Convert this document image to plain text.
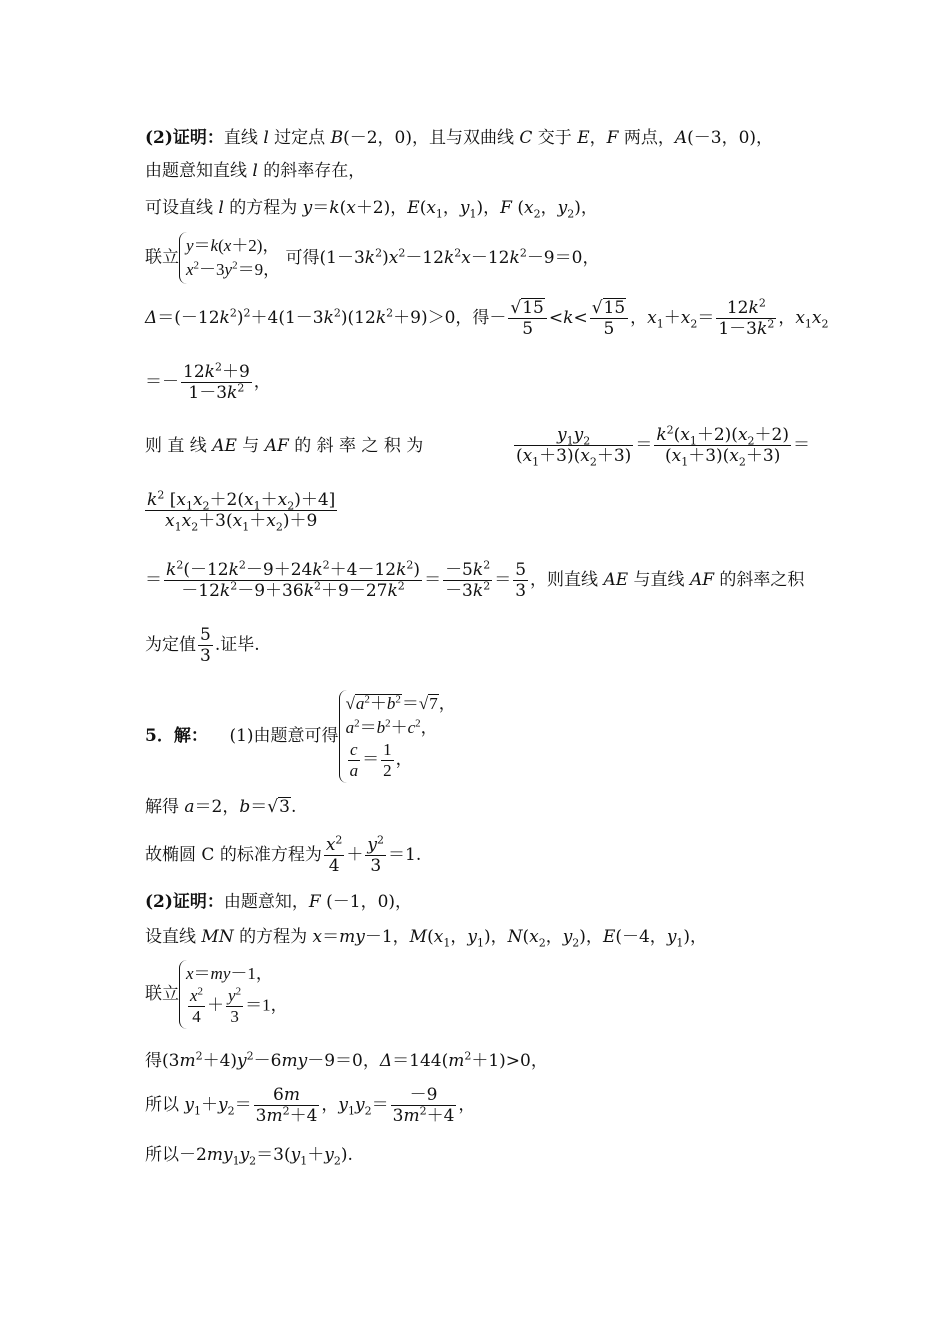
(2)证明：直线 l 过定点 B(－2，0)，且与双曲线 C 交于 E，F 两点，A(－3，0)，
由题意知直线 l 的斜率存在，
可设直线 l 的方程为 y＝k(x＋2)，$E(x_1$，$y_1$)，F ($x_2$，$y_2$)，
联立
y＝k(x＋2)，
$x^2-3y^2=9$，
可得$(1-3k^2)x^2-12k^2x-12k^2-9=0$，
$\Delta=(-12k^2)^2+4(1-3k^2)(12k^2+9)>0$，得－ $\frac{√15}{5} <k< \frac{√15}{5}$ ，$x_1+x_2= \frac{12k^2}{1-3k^2}$ ，$x_1x_2$
＝－ $\frac{12k^2+9}{1-3k^2}$ ，
则 直 线 AE 与 AF 的 斜 率 之 积 为	$\frac{y_1y_2}{(x_1+3)(x_2+3)} = \frac{k^2(x_1+2)(x_2+2)}{(x_1+3)(x_2+3)}$ ＝
$\frac{k^2 [x_1x_2+2(x_1+x_2)+4]}{x_1x_2+3(x_1+x_2)+9}$
＝ $\frac{k^2(-12k^2-9+24k^2+4-12k^2)}{-12k^2-9+36k^2+9-27k^2} = \frac{-5k^2}{-3k^2} = \frac{5}{3}$ ，则直线 AE 与直线 AF 的斜率之积
为定值 $\frac{5}{3}$ .证毕.
5．解： (1)由题意可得
$√a^2+b^2=√7$，
$a^2=b^2+c^2$，
$\frac{c}{a} = \frac{1}{2}$ ，
解得 a＝2，b＝√3.
故椭圆 C 的标准方程为 $\frac{x^2}{4} + \frac{y^2}{3} =1$.
(2)证明：由题意知，F (－1，0)，
设直线 MN 的方程为 x＝my－1，$M(x_1$，$y_1$)，$N(x_2$，$y_2$)，E(－4，$y_1$)，
联立
x＝my－1，
$\frac{x^2}{4} + \frac{y^2}{3} =1$，
得$(3m^2+4)y^2-6my-9=0$，$\Delta=144(m^2+1)>0$，
所以 $y_1+y_2= \frac{6m}{3m^2+4}$ ，$y_1y_2= \frac{-9}{3m^2+4}$ ，
所以$-2my_1y_2=3(y_1+y_2)$.
